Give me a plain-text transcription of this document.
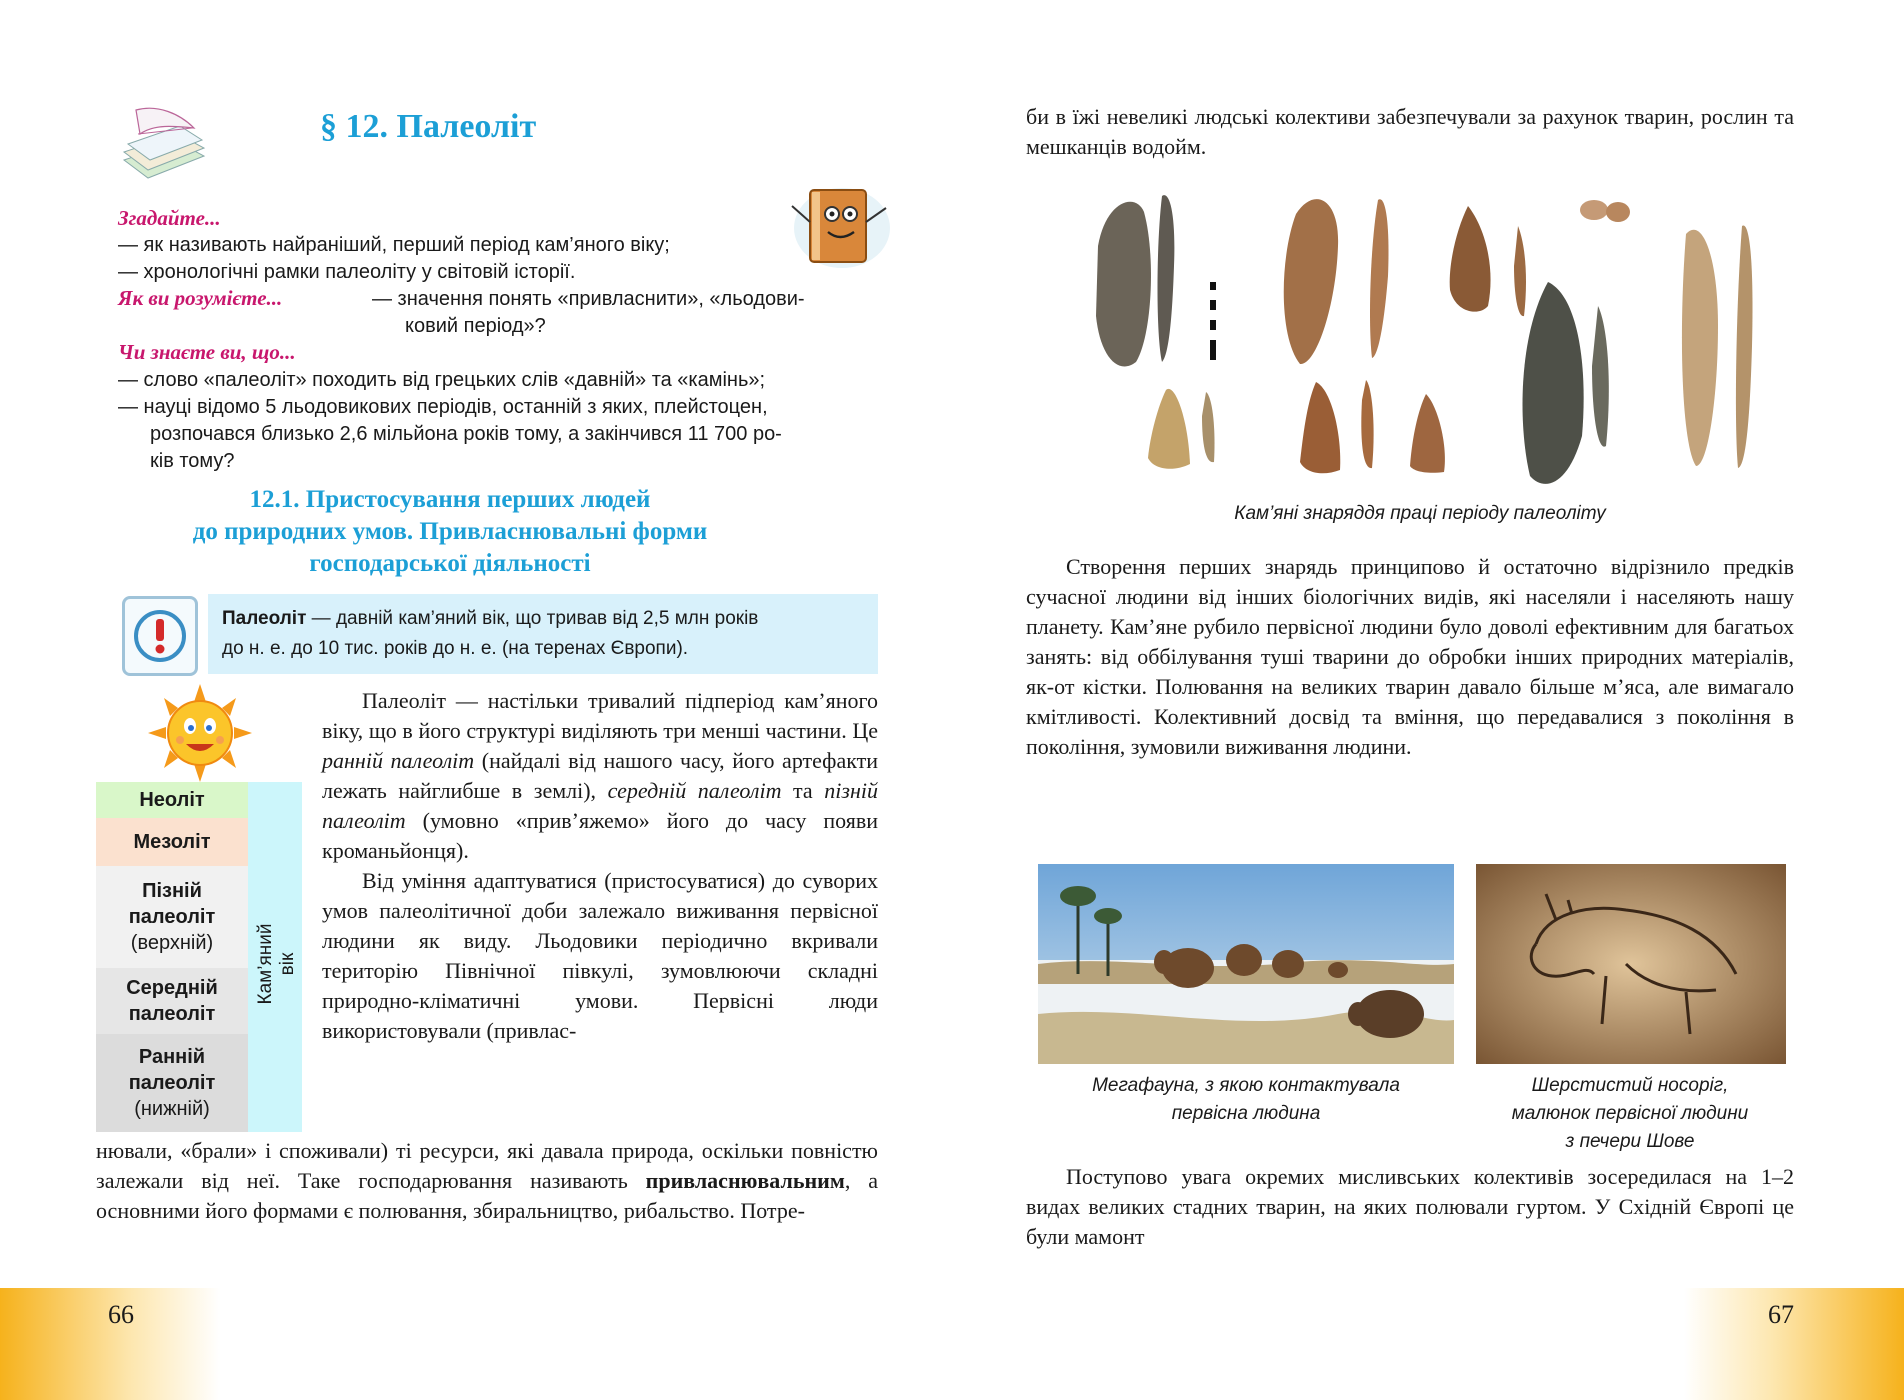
§ 12. Палеоліт
Згадайте...
— як називають найраніший, перший період кам’яного віку;
— хронологічні рамки палеоліту у світовій історії.
Як ви розумієте...	— значення понять «привласнити», «льодови-
ковий період»?
Чи знаєте ви, що...
— слово «палеоліт» походить від грецьких слів «давній» та «камінь»;
— науці відомо 5 льодовикових періодів, останній з яких, плейстоцен,
розпочався близько 2,6 мільйона років тому, а закінчився 11 700 ро-
ків тому?
12.1. Пристосування перших людей
до природних умов. Привласнювальні форми
господарської діяльності
Палеоліт — давній кам’яний вік, що тривав від 2,5 млн років
до н. е. до 10 тис. років до н. е. (на теренах Європи).
Кам’яний вік
Неоліт
Мезоліт
Пізній
палеоліт
(верхній)
Середній
палеоліт
Ранній
палеоліт
(нижній)

Палеоліт — настільки тривалий підперіод кам’яного віку, що в його структурі виділяють три менші частини. Це ранній палеоліт (найдалі від нашого часу, його артефакти лежать найглибше в землі), середній палеоліт та пізній палеоліт (умовно «прив’яжемо» його до часу появи кроманьйонця).

Від уміння адаптуватися (пристосуватися) до суворих умов палеолітичної доби залежало виживання первісної людини як виду. Льодовики періодично вкривали територію Північної півкулі, зумовлюючи складні природно-кліматичні умови. Первісні люди використовували (привлас-

нювали, «брали» і споживали) ті ресурси, які давала природа, оскільки повністю залежали від неї. Таке господарювання називають привласнювальним, а основними його формами є полювання, збиральництво, рибальство. Потре-
би в їжі невеликі людські колективи забезпечували за рахунок тварин, рослин та мешканців водойм.
Кам’яні знаряддя праці періоду палеоліту

Створення перших знарядь принципово й остаточно відрізнило предків сучасної людини від інших біологічних видів, які населяли і населяють нашу планету. Кам’яне рубило первісної людини було доволі ефективним для багатьох занять: від оббілування туші тварини до обробки інших природних матеріалів, як-от кістки. Полювання на великих тварин давало більше м’яса, але вимагало кмітливості. Колективний досвід та вміння, що передавалися з покоління в покоління, зумовили виживання людини.

Мегафауна, з якою контактувала
первісна людина
Шерстистий носоріг,
малюнок первісної людини
з печери Шове

Поступово увага окремих мисливських колективів зосередилася на 1–2 видах великих стадних тварин, на яких полювали гуртом. У Східній Європі це були мамонт

66	67
